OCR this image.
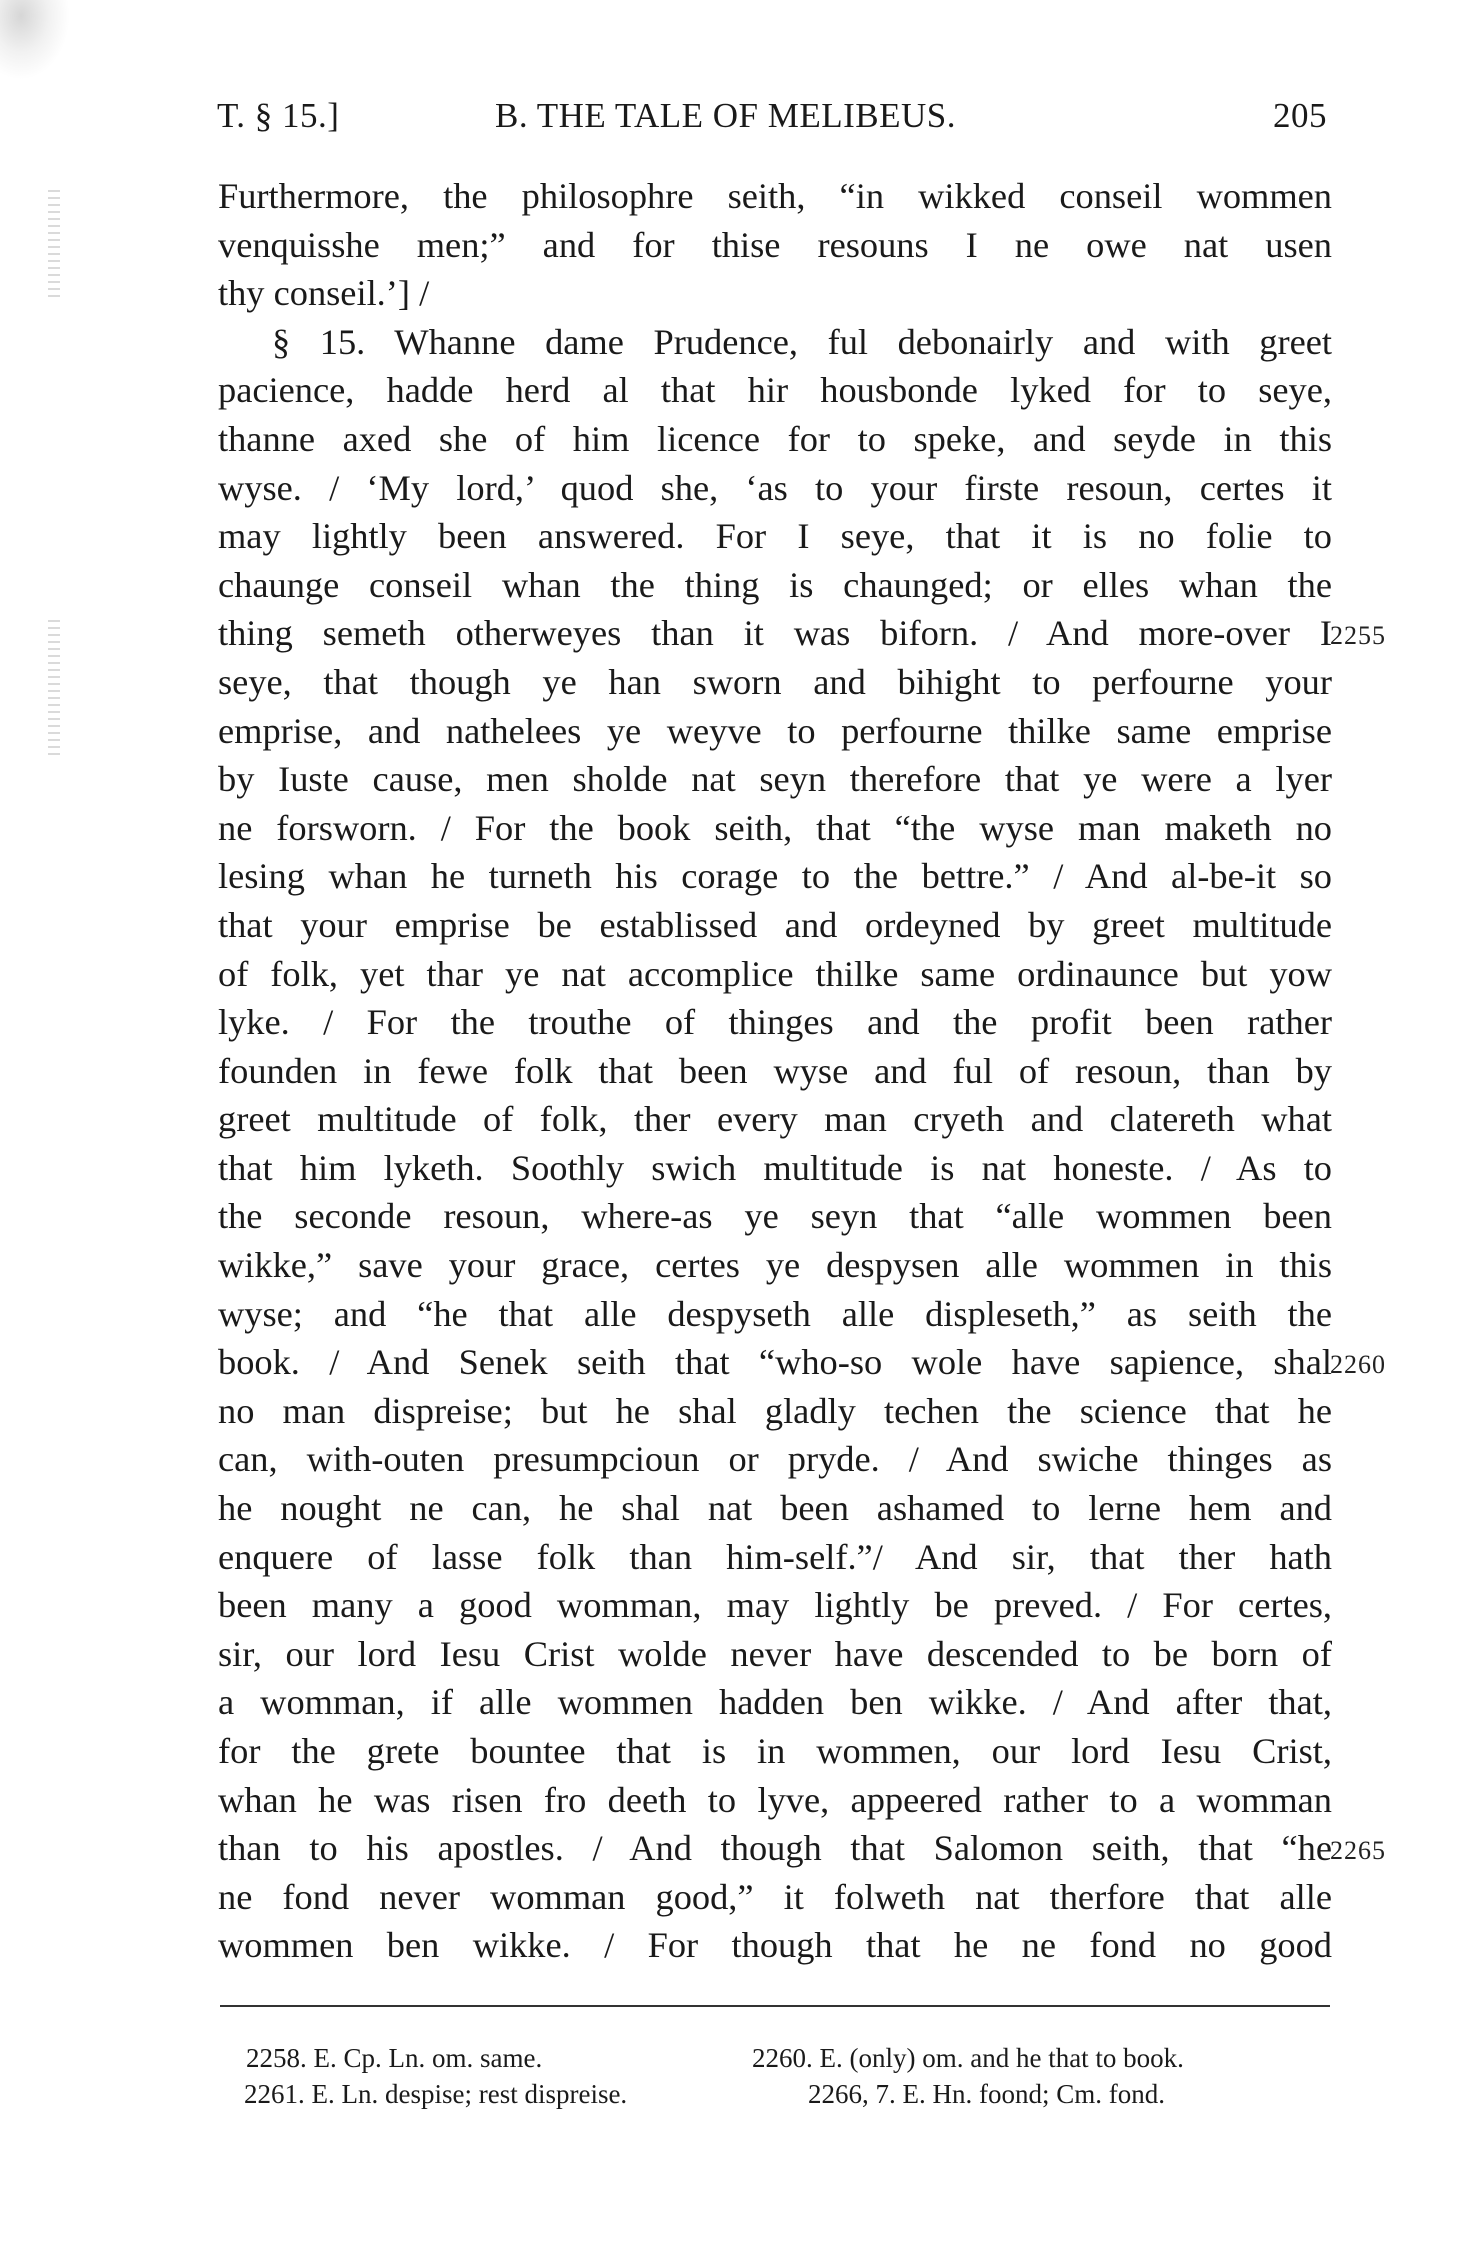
T. § 15.]	B. THE TALE OF MELIBEUS.	205
Furthermore, the philosophre seith, “in wikked conseil wommen
venquisshe men;” and for thise resouns I ne owe nat usen
thy conseil.’] /
§ 15. Whanne dame Prudence, ful debonairly and with greet
pacience, hadde herd al that hir housbonde lyked for to seye,
thanne axed she of him licence for to speke, and seyde in this
wyse. / ‘My lord,’ quod she, ‘as to your firste resoun, certes it
may lightly been answered. For I seye, that it is no folie to
chaunge conseil whan the thing is chaunged; or elles whan the
thing semeth otherweyes than it was biforn. / And more-over I
seye, that though ye han sworn and bihight to perfourne your
emprise, and nathelees ye weyve to perfourne thilke same emprise
by Iuste cause, men sholde nat seyn therefore that ye were a lyer
ne forsworn. / For the book seith, that “the wyse man maketh no
lesing whan he turneth his corage to the bettre.” / And al-be-it so
that your emprise be establissed and ordeyned by greet multitude
of folk, yet thar ye nat accomplice thilke same ordinaunce but yow
lyke. / For the trouthe of thinges and the profit been rather
founden in fewe folk that been wyse and ful of resoun, than by
greet multitude of folk, ther every man cryeth and clatereth what
that him lyketh. Soothly swich multitude is nat honeste. / As to
the seconde resoun, where-as ye seyn that “alle wommen been
wikke,” save your grace, certes ye despysen alle wommen in this
wyse; and “he that alle despyseth alle displeseth,” as seith the
book. / And Senek seith that “who-so wole have sapience, shal
no man dispreise; but he shal gladly techen the science that he
can, with-outen presumpcioun or pryde. / And swiche thinges as
he nought ne can, he shal nat been ashamed to lerne hem and
enquere of lasse folk than him-self.”/ And sir, that ther hath
been many a good womman, may lightly be preved. / For certes,
sir, our lord Iesu Crist wolde never have descended to be born of
a womman, if alle wommen hadden ben wikke. / And after that,
for the grete bountee that is in wommen, our lord Iesu Crist,
whan he was risen fro deeth to lyve, appeered rather to a womman
than to his apostles. / And though that Salomon seith, that “he
ne fond never womman good,” it folweth nat therfore that alle
wommen ben wikke. / For though that he ne fond no good
2255
2260
2265
2258. E. Cp. Ln. om. same.	2260. E. (only) om. and he that to book.
2261. E. Ln. despise; rest dispreise.	2266, 7. E. Hn. foond; Cm. fond.
